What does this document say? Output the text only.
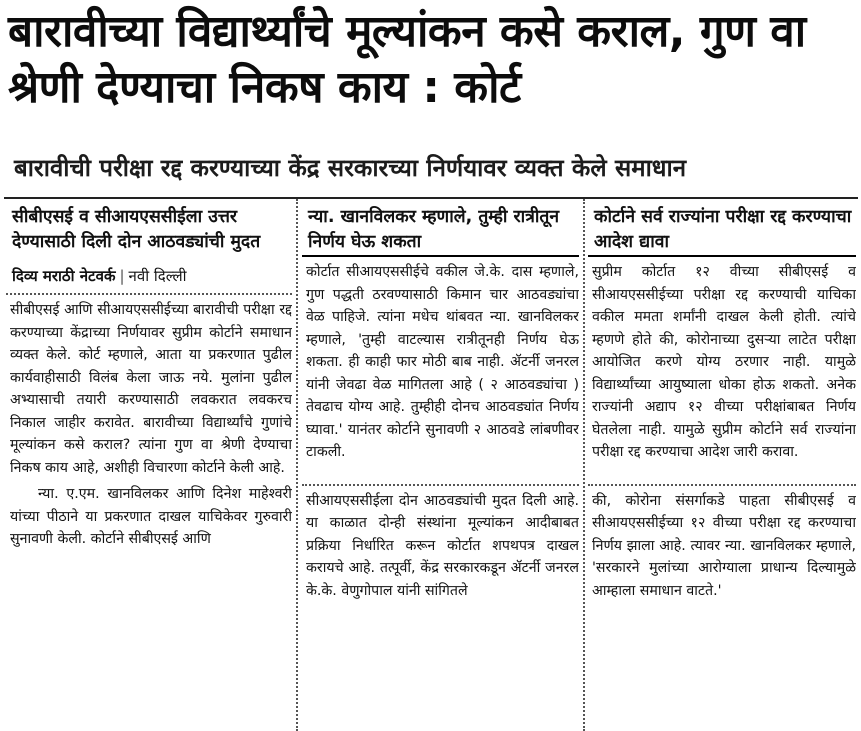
बारावीच्या विद्यार्थ्यांचे मूल्यांकन कसे कराल, गुण वा श्रेणी देण्याचा निकष काय : कोर्ट
बारावीची परीक्षा रद्द करण्याच्या केंद्र सरकारच्या निर्णयावर व्यक्त केले समाधान
सीबीएसई व सीआयएससीईला उत्तर देण्यासाठी दिली दोन आठवड्यांची मुदत
दिव्य मराठी नेटवर्क | नवी दिल्ली

सीबीएसई आणि सीआयएससीईच्या बारावीची परीक्षा रद्द करण्याच्या केंद्राच्या निर्णयावर सुप्रीम कोर्टाने समाधान व्यक्त केले. कोर्ट म्हणाले, आता या प्रकरणात पुढील कार्यवाहीसाठी विलंब केला जाऊ नये. मुलांना पुढील अभ्यासाची तयारी करण्यासाठी लवकरात लवकरच निकाल जाहीर करावेत. बारावीच्या विद्यार्थ्यांचे गुणांचे मूल्यांकन कसे कराल? त्यांना गुण वा श्रेणी देण्याचा निकष काय आहे, अशीही विचारणा कोर्टाने केली आहे.

न्या. ए.एम. खानविलकर आणि दिनेश माहेश्वरी यांच्या पीठाने या प्रकरणात दाखल याचिकेवर गुरुवारी सुनावणी केली. कोर्टाने सीबीएसई आणि

न्या. खानविलकर म्हणाले, तुम्ही रात्रीतून निर्णय घेऊ शकता

कोर्टात सीआयएससीईचे वकील जे.के. दास म्हणाले, गुण पद्धती ठरवण्यासाठी किमान चार आठवड्यांचा वेळ पाहिजे. त्यांना मधेच थांबवत न्या. खानविलकर म्हणाले, 'तुम्ही वाटल्यास रात्रीतूनही निर्णय घेऊ शकता. ही काही फार मोठी बाब नाही. ॲटर्नी जनरल यांनी जेवढा वेळ मागितला आहे ( २ आठवड्यांचा ) तेवढाच योग्य आहे. तुम्हीही दोनच आठवड्यांत निर्णय घ्यावा.' यानंतर कोर्टाने सुनावणी २ आठवडे लांबणीवर टाकली.

सीआयएससीईला दोन आठवड्यांची मुदत दिली आहे. या काळात दोन्ही संस्थांना मूल्यांकन आदीबाबत प्रक्रिया निर्धारित करून कोर्टात शपथपत्र दाखल करायचे आहे. तत्पूर्वी, केंद्र सरकारकडून ॲटर्नी जनरल के.के. वेणुगोपाल यांनी सांगितले

कोर्टाने सर्व राज्यांना परीक्षा रद्द करण्याचा आदेश द्यावा

सुप्रीम कोर्टात १२ वीच्या सीबीएसई व सीआयएससीईच्या परीक्षा रद्द करण्याची याचिका वकील ममता शर्मांनी दाखल केली होती. त्यांचे म्हणणे होते की, कोरोनाच्या दुसऱ्या लाटेत परीक्षा आयोजित करणे योग्य ठरणार नाही. यामुळे विद्यार्थ्यांच्या आयुष्याला धोका होऊ शकतो. अनेक राज्यांनी अद्याप १२ वीच्या परीक्षांबाबत निर्णय घेतलेला नाही. यामुळे सुप्रीम कोर्टाने सर्व राज्यांना परीक्षा रद्द करण्याचा आदेश जारी करावा.

की, कोरोना संसर्गाकडे पाहता सीबीएसई व सीआयएससीईच्या १२ वीच्या परीक्षा रद्द करण्याचा निर्णय झाला आहे. त्यावर न्या. खानविलकर म्हणाले, 'सरकारने मुलांच्या आरोग्याला प्राधान्य दिल्यामुळे आम्हाला समाधान वाटते.'
